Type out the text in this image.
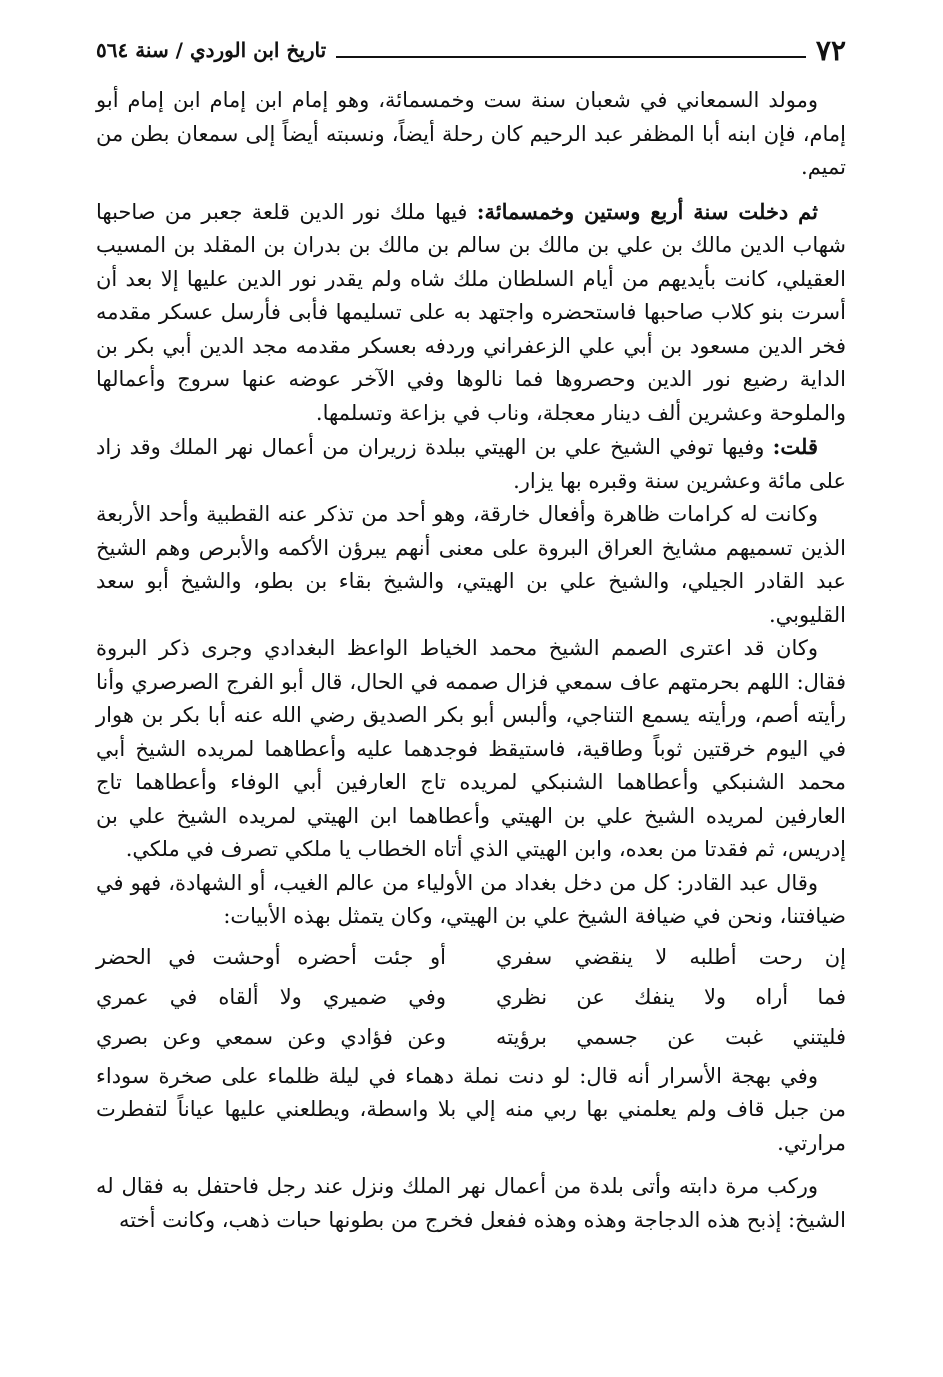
٧٢
تاريخ ابن الوردي / سنة ٥٦٤

ومولد السمعاني في شعبان سنة ست وخمسمائة، وهو إمام ابن إمام ابن إمام أبو إمام، فإن ابنه أبا المظفر عبد الرحيم كان رحلة أيضاً، ونسبته أيضاً إلى سمعان بطن من تميم.

ثم دخلت سنة أربع وستين وخمسمائة: فيها ملك نور الدين قلعة جعبر من صاحبها شهاب الدين مالك بن علي بن مالك بن سالم بن مالك بن بدران بن المقلد بن المسيب العقيلي، كانت بأيديهم من أيام السلطان ملك شاه ولم يقدر نور الدين عليها إلا بعد أن أسرت بنو كلاب صاحبها فاستحضره واجتهد به على تسليمها فأبى فأرسل عسكر مقدمه فخر الدين مسعود بن أبي علي الزعفراني وردفه بعسكر مقدمه مجد الدين أبي بكر بن الداية رضيع نور الدين وحصروها فما نالوها وفي الآخر عوضه عنها سروج وأعمالها والملوحة وعشرين ألف دينار معجلة، وناب في بزاعة وتسلمها.

قلت: وفيها توفي الشيخ علي بن الهيتي ببلدة زريران من أعمال نهر الملك وقد زاد على مائة وعشرين سنة وقبره بها يزار.

وكانت له كرامات ظاهرة وأفعال خارقة، وهو أحد من تذكر عنه القطبية وأحد الأربعة الذين تسميهم مشايخ العراق البروة على معنى أنهم يبرؤن الأكمه والأبرص وهم الشيخ عبد القادر الجيلي، والشيخ علي بن الهيتي، والشيخ بقاء بن بطو، والشيخ أبو سعد القليوبي.

وكان قد اعترى الصمم الشيخ محمد الخياط الواعظ البغدادي وجرى ذكر البروة فقال: اللهم بحرمتهم عاف سمعي فزال صممه في الحال، قال أبو الفرج الصرصري وأنا رأيته أصم، ورأيته يسمع التناجي، وألبس أبو بكر الصديق رضي الله عنه أبا بكر بن هوار في اليوم خرقتين ثوباً وطاقية، فاستيقظ فوجدهما عليه وأعطاهما لمريده الشيخ أبي محمد الشنبكي وأعطاهما الشنبكي لمريده تاج العارفين أبي الوفاء وأعطاهما تاج العارفين لمريده الشيخ علي بن الهيتي وأعطاهما ابن الهيتي لمريده الشيخ علي بن إدريس، ثم فقدتا من بعده، وابن الهيتي الذي أتاه الخطاب يا ملكي تصرف في ملكي.

وقال عبد القادر: كل من دخل بغداد من الأولياء من عالم الغيب، أو الشهادة، فهو في ضيافتنا، ونحن في ضيافة الشيخ علي بن الهيتي، وكان يتمثل بهذه الأبيات:

إن رحت أطلبه لا ينقضي سفري
أو جئت أحضره أوحشت في الحضر
فما أراه ولا ينفك عن نظري
وفي ضميري ولا ألقاه في عمري
فليتني غبت عن جسمي برؤيته
وعن فؤادي وعن سمعي وعن بصري

وفي بهجة الأسرار أنه قال: لو دنت نملة دهماء في ليلة ظلماء على صخرة سوداء من جبل قاف ولم يعلمني بها ربي منه إلي بلا واسطة، ويطلعني عليها عياناً لتفطرت مرارتي.

وركب مرة دابته وأتى بلدة من أعمال نهر الملك ونزل عند رجل فاحتفل به فقال له الشيخ: إذبح هذه الدجاجة وهذه وهذه ففعل فخرج من بطونها حبات ذهب، وكانت أخته
